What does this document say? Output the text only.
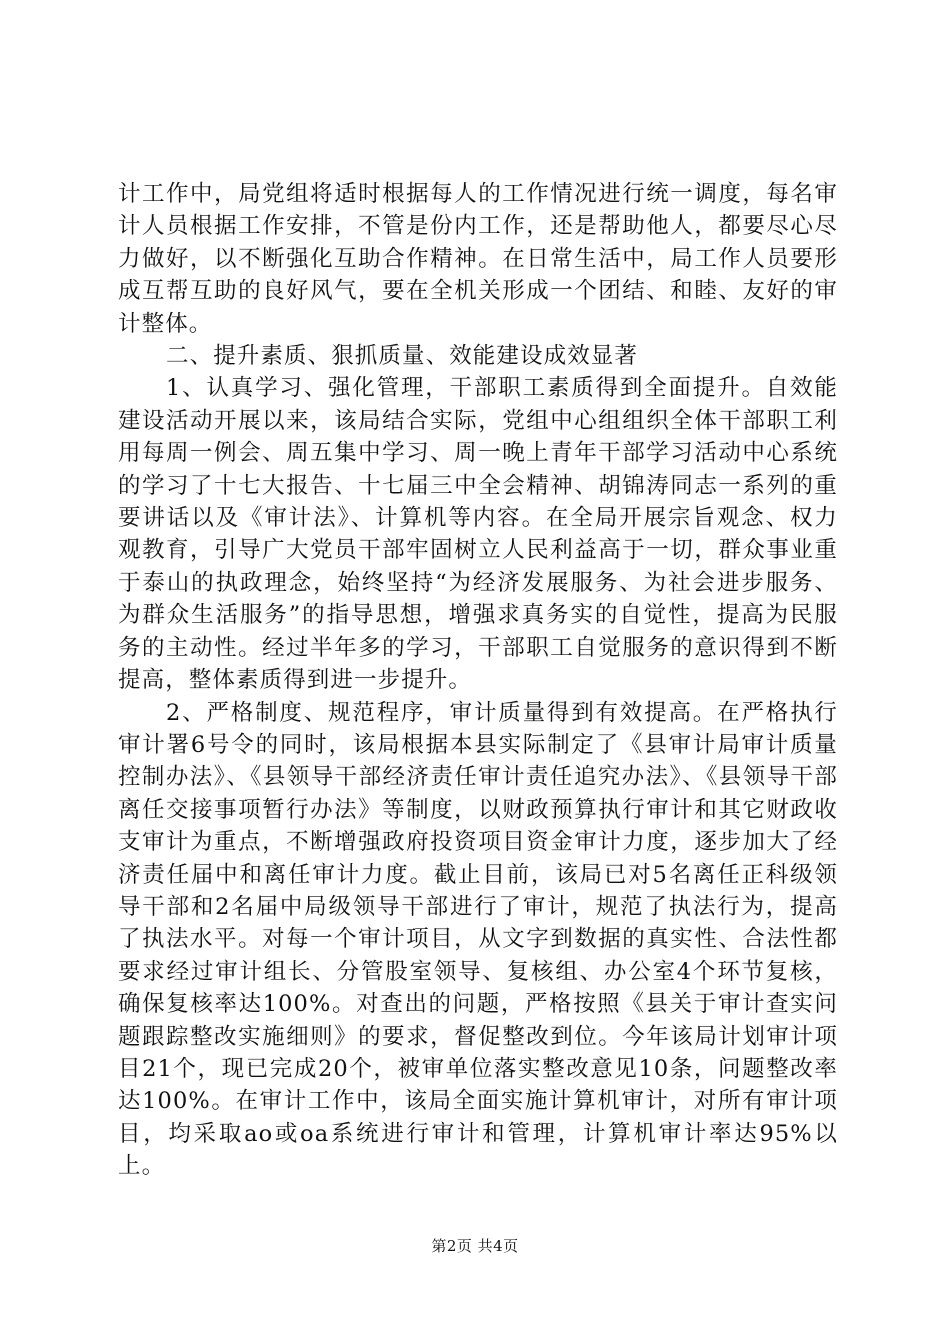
计工作中，局党组将适时根据每人的工作情况进行统一调度，每名审计人员根据工作安排，不管是份内工作，还是帮助他人，都要尽心尽力做好，以不断强化互助合作精神。在日常生活中，局工作人员要形成互帮互助的良好风气，要在全机关形成一个团结、和睦、友好的审计整体。

二、提升素质、狠抓质量、效能建设成效显著

1、认真学习、强化管理，干部职工素质得到全面提升。自效能建设活动开展以来，该局结合实际，党组中心组组织全体干部职工利用每周一例会、周五集中学习、周一晚上青年干部学习活动中心系统的学习了十七大报告、十七届三中全会精神、胡锦涛同志一系列的重要讲话以及《审计法》、计算机等内容。在全局开展宗旨观念、权力观教育，引导广大党员干部牢固树立人民利益高于一切，群众事业重于泰山的执政理念，始终坚持“为经济发展服务、为社会进步服务、为群众生活服务”的指导思想，增强求真务实的自觉性，提高为民服务的主动性。经过半年多的学习，干部职工自觉服务的意识得到不断提高，整体素质得到进一步提升。

2、严格制度、规范程序，审计质量得到有效提高。在严格执行审计署6号令的同时，该局根据本县实际制定了《县审计局审计质量控制办法》、《县领导干部经济责任审计责任追究办法》、《县领导干部离任交接事项暂行办法》等制度，以财政预算执行审计和其它财政收支审计为重点，不断增强政府投资项目资金审计力度，逐步加大了经济责任届中和离任审计力度。截止目前，该局已对5名离任正科级领导干部和2名届中局级领导干部进行了审计，规范了执法行为，提高了执法水平。对每一个审计项目，从文字到数据的真实性、合法性都要求经过审计组长、分管股室领导、复核组、办公室4个环节复核，确保复核率达100%。对查出的问题，严格按照《县关于审计查实问题跟踪整改实施细则》的要求，督促整改到位。今年该局计划审计项目21个，现已完成20个，被审单位落实整改意见10条，问题整改率达100%。在审计工作中，该局全面实施计算机审计，对所有审计项目，均采取ao或oa系统进行审计和管理，计算机审计率达95%以上。

第2页 共4页
